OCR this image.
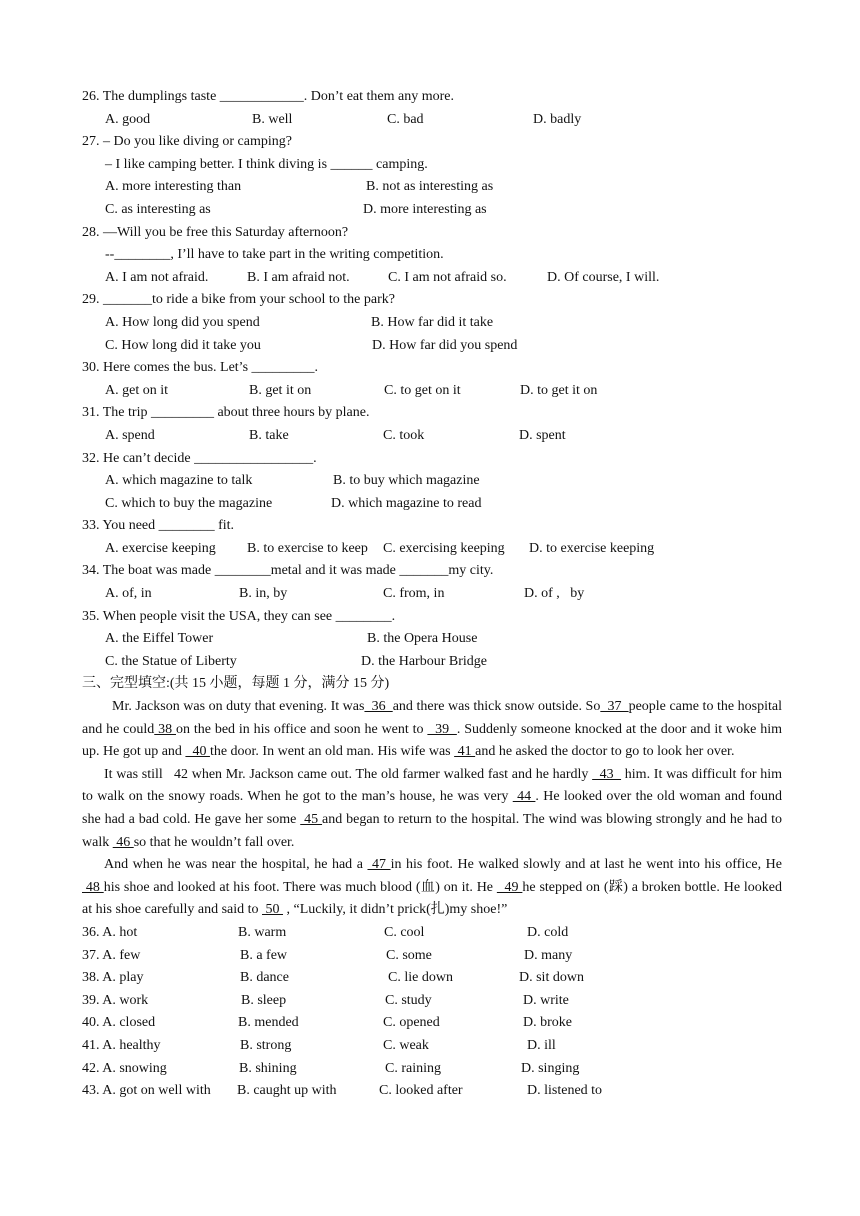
26. The dumplings taste ____________. Don’t eat them any more.
A. good	B. well	C. bad	D. badly
27. – Do you like diving or camping?
– I like camping better. I think diving is ______ camping.
A. more interesting than	B. not as interesting as
C. as interesting as	D. more interesting as
28. —Will you be free this Saturday afternoon?
--________, I’ll have to take part in the writing competition.
A. I am not afraid.	B. I am afraid not.	C. I am not afraid so.	D. Of course, I will.
29. _______to ride a bike from your school to the park?
A. How long did you spend	B. How far did it take
C. How long did it take you	D. How far did you spend
30. Here comes the bus. Let’s _________.
A. get on it	B. get it on	C. to get on it	D. to get it on
31. The trip _________ about three hours by plane.
A. spend	B. take	C. took	D. spent
32. He can’t decide _________________.
A. which magazine to talk	B. to buy which magazine
C. which to buy the magazine	D. which magazine to read
33. You need ________ fit.
A. exercise keeping B. to exercise to keep C. exercising keeping D. to exercise keeping
34. The boat was made ________metal and it was made _______my city.
A. of, in	B. in, by	C. from, in	D. of ,   by
35. When people visit the USA, they can see ________.
A. the Eiffel Tower	B. the Opera House
C. the Statue of Liberty	D. the Harbour Bridge
三、完型填空:(共 15 小题，每题 1 分，满分 15 分)

Mr. Jackson was on duty that evening. It was  36  and there was thick snow outside. So  37  people came to the hospital and he could 38 on the bed in his office and soon he went to   39  . Suddenly someone knocked at the door and it woke him up. He got up and   40 the door. In went an old man. His wife was  41 and he asked the doctor to go to look her over.

It was still   42 when Mr. Jackson came out. The old farmer walked fast and he hardly   43   him. It was difficult for him to walk on the snowy roads. When he got to the man’s house, he was very  44 . He looked over the old woman and found she had a bad cold. He gave her some  45 and began to return to the hospital. The wind was blowing strongly and he had to walk  46 so that he wouldn’t fall over.

And when he was near the hospital, he had a  47 in his foot. He walked slowly and at last he went into his office, He  48 his shoe and looked at his foot. There was much blood (血) on it. He   49 he stepped on (踩) a broken bottle. He looked at his shoe carefully and said to  50  , “Luckily, it didn’t prick(扎)my shoe!”

36. A. hot	B. warm	C. cool	D. cold
37. A. few	B. a few	C. some	D. many
38. A. play	B. dance	C. lie down	D. sit down
39. A. work	B. sleep	C. study	D. write
40. A. closed	B. mended	C. opened	D. broke
41. A. healthy	B. strong	C. weak	D. ill
42. A. snowing	B. shining	C. raining	D. singing
43. A. got on well with B. caught up with	C. looked after	D. listened to
